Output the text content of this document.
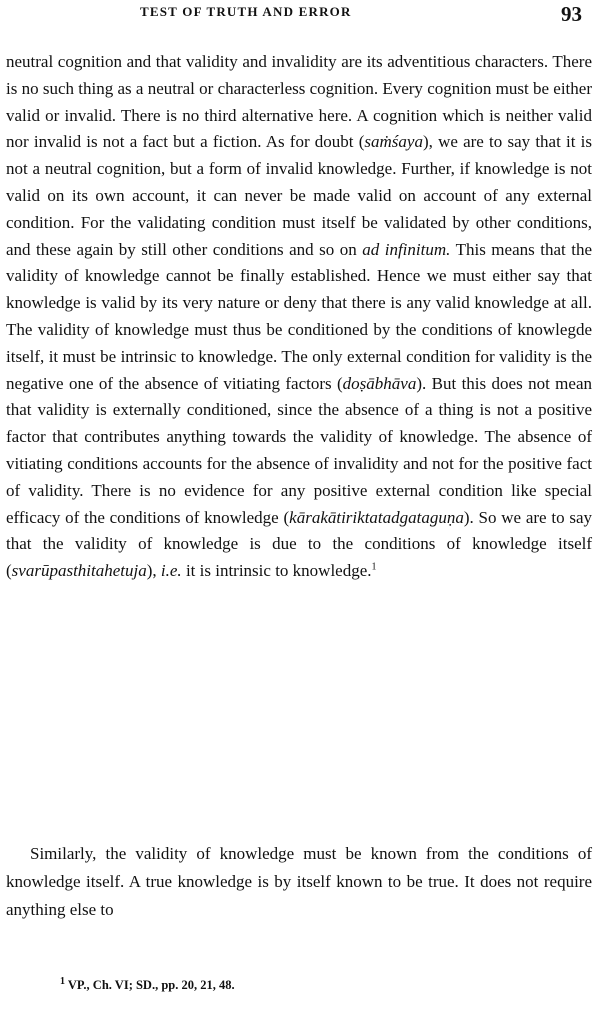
TEST OF TRUTH AND ERROR	93

neutral cognition and that validity and invalidity are its adventitious characters. There is no such thing as a neutral or characterless cognition. Every cognition must be either valid or invalid. There is no third alternative here. A cognition which is neither valid nor invalid is not a fact but a fiction. As for doubt (saṁśaya), we are to say that it is not a neutral cognition, but a form of invalid knowledge. Further, if knowledge is not valid on its own account, it can never be made valid on account of any external condition. For the validating condition must itself be validated by other conditions, and these again by still other conditions and so on ad infinitum. This means that the validity of knowledge cannot be finally established. Hence we must either say that knowledge is valid by its very nature or deny that there is any valid knowledge at all. The validity of knowledge must thus be conditioned by the conditions of knowlegde itself, it must be intrinsic to knowledge. The only external condition for validity is the negative one of the absence of vitiating factors (doṣābhāva). But this does not mean that validity is externally conditioned, since the absence of a thing is not a positive factor that contributes anything towards the validity of knowledge. The absence of vitiating conditions accounts for the absence of invalidity and not for the positive fact of validity. There is no evidence for any positive external condition like special efficacy of the conditions of knowledge (kārakātiriktatadgataguṇa). So we are to say that the validity of knowledge is due to the conditions of knowledge itself (svarūpasthitahetuja), i.e. it is intrinsic to knowledge.$^1$

Similarly, the validity of knowledge must be known from the conditions of knowledge itself. A true knowledge is by itself known to be true. It does not require anything else to

$^1$ VP., Ch. VI; SD., pp. 20, 21, 48.
